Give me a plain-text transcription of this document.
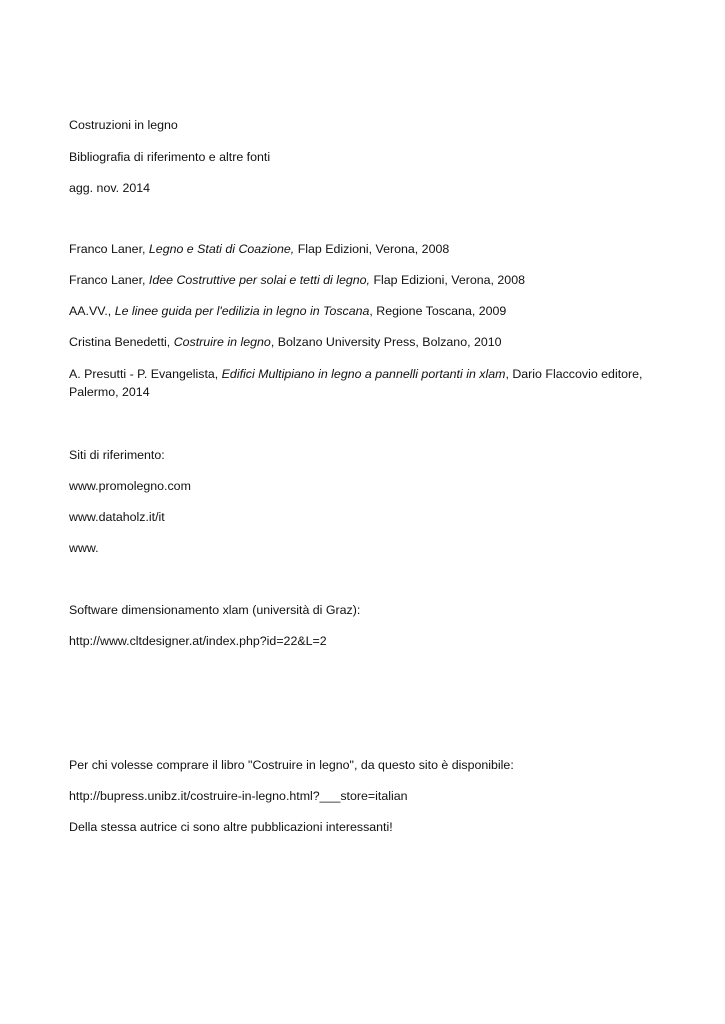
Costruzioni in legno
Bibliografia di riferimento e altre fonti
agg. nov. 2014
Franco Laner, Legno e Stati di Coazione, Flap Edizioni, Verona, 2008
Franco Laner, Idee Costruttive per solai e tetti di legno, Flap Edizioni, Verona, 2008
AA.VV., Le linee guida per l'edilizia in legno in Toscana, Regione Toscana, 2009
Cristina Benedetti, Costruire in legno, Bolzano University Press, Bolzano, 2010
A. Presutti - P. Evangelista, Edifici Multipiano in legno a pannelli portanti in xlam, Dario Flaccovio editore, Palermo, 2014
Siti di riferimento:
www.promolegno.com
www.dataholz.it/it
www.
Software dimensionamento xlam (università di Graz):
http://www.cltdesigner.at/index.php?id=22&L=2
Per chi volesse comprare il libro "Costruire in legno", da questo sito è disponibile:
http://bupress.unibz.it/costruire-in-legno.html?___store=italian
Della stessa autrice ci sono altre pubblicazioni interessanti!
